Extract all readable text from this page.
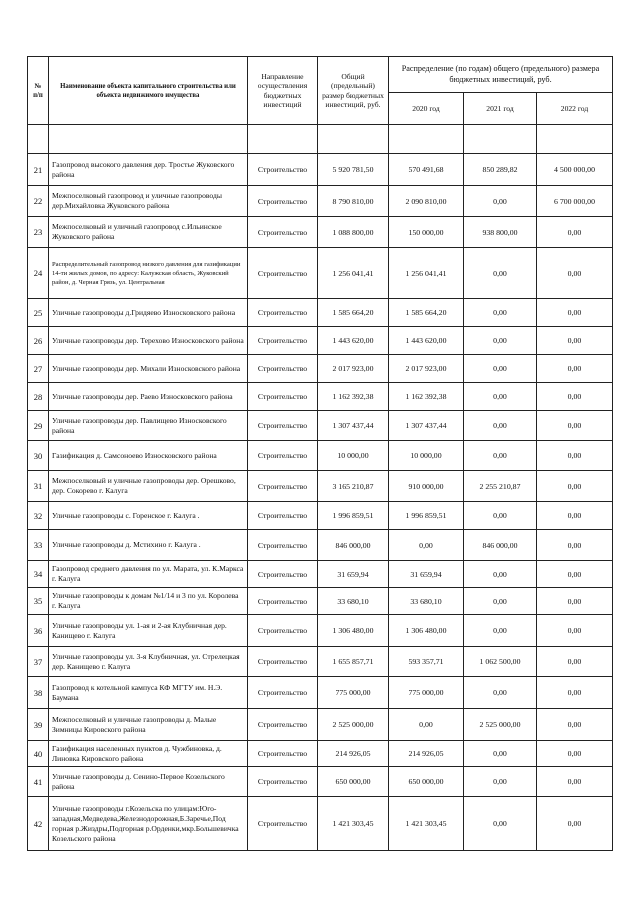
№
п/п	Наименование объекта капитального строительства или объекта недвижимого имущества	Направление осуществления бюджетных инвестиций	Общий (предельный) размер бюджетных инвестиций, руб.	Распределение (по годам) общего (предельного) размера бюджетных инвестиций, руб.		
				2020 год	2021 год	2022 год

21	Газопровод высокого давления дер. Тростье Жуковского района	Строительство	5 920 781,50	570 491,68	850 289,82	4 500 000,00
22	Межпоселковый газопровод и уличные газопроводы дер.Михайловка Жуковского района	Строительство	8 790 810,00	2 090 810,00	0,00	6 700 000,00
23	Межпоселковый и уличный газопровод с.Ильинское Жуковского района	Строительство	1 088 800,00	150 000,00	938 800,00	0,00
24	Распределительный газопровод низкого давления для газификации 14-ти жилых домов, по адресу: Калужская область, Жуковский район, д. Черная Грязь, ул. Центральная	Строительство	1 256 041,41	1 256 041,41	0,00	0,00
25	Уличные газопроводы д.Гридяево Износковского района	Строительство	1 585 664,20	1 585 664,20	0,00	0,00
26	Уличные газопроводы дер. Терехово Износковского района	Строительство	1 443 620,00	1 443 620,00	0,00	0,00
27	Уличные газопроводы дер. Михали Износковского района	Строительство	2 017 923,00	2 017 923,00	0,00	0,00
28	Уличные газопроводы дер. Раево Износковского района	Строительство	1 162 392,38	1 162 392,38	0,00	0,00
29	Уличные газопроводы дер. Павлищево Износковского района	Строительство	1 307 437,44	1 307 437,44	0,00	0,00
30	Газификация д. Самсоноево Износковского района	Строительство	10 000,00	10 000,00	0,00	0,00
31	Межпоселковый и уличные газопроводы дер. Орешково, дер. Сокорево г. Калуга	Строительство	3 165 210,87	910 000,00	2 255 210,87	0,00
32	Уличные газопроводы с. Горенское г. Калуга .	Строительство	1 996 859,51	1 996 859,51	0,00	0,00
33	Уличные газопроводы д. Мстихино г. Калуга .	Строительство	846 000,00	0,00	846 000,00	0,00
34	Газопровод среднего давления по ул. Марата, ул. К.Маркса г. Калуга	Строительство	31 659,94	31 659,94	0,00	0,00
35	Уличные газопроводы к домам №1/14 и 3 по ул. Королева г. Калуга	Строительство	33 680,10	33 680,10	0,00	0,00
36	Уличные газопроводы ул. 1-ая и 2-ая Клубничная дер. Канищево г. Калуга	Строительство	1 306 480,00	1 306 480,00	0,00	0,00
37	Уличные газопроводы ул. 3-я Клубничная, ул. Стрелецкая дер. Канищево г. Калуга	Строительство	1 655 857,71	593 357,71	1 062 500,00	0,00
38	Газопровод к котельной кампуса КФ МГТУ им. Н.Э. Баумана	Строительство	775 000,00	775 000,00	0,00	0,00
39	Межпоселковый и уличные газопроводы д. Малые Зимницы Кировского района	Строительство	2 525 000,00	0,00	2 525 000,00	0,00
40	Газификация населенных пунктов д. Чужбиновка, д. Линовка Кировского района	Строительство	214 926,05	214 926,05	0,00	0,00
41	Уличные газопроводы д. Сенино-Первое Козельского района	Строительство	650 000,00	650 000,00	0,00	0,00
42	Уличные газопроводы г.Козельска по улицам:Юго-западная,Медведева,Железнодорожная,Б.Заречье,Под горная р.Жиздры,Подгорная р.Орденки,мкр.Большевичка Козельского района	Строительство	1 421 303,45	1 421 303,45	0,00	0,00
